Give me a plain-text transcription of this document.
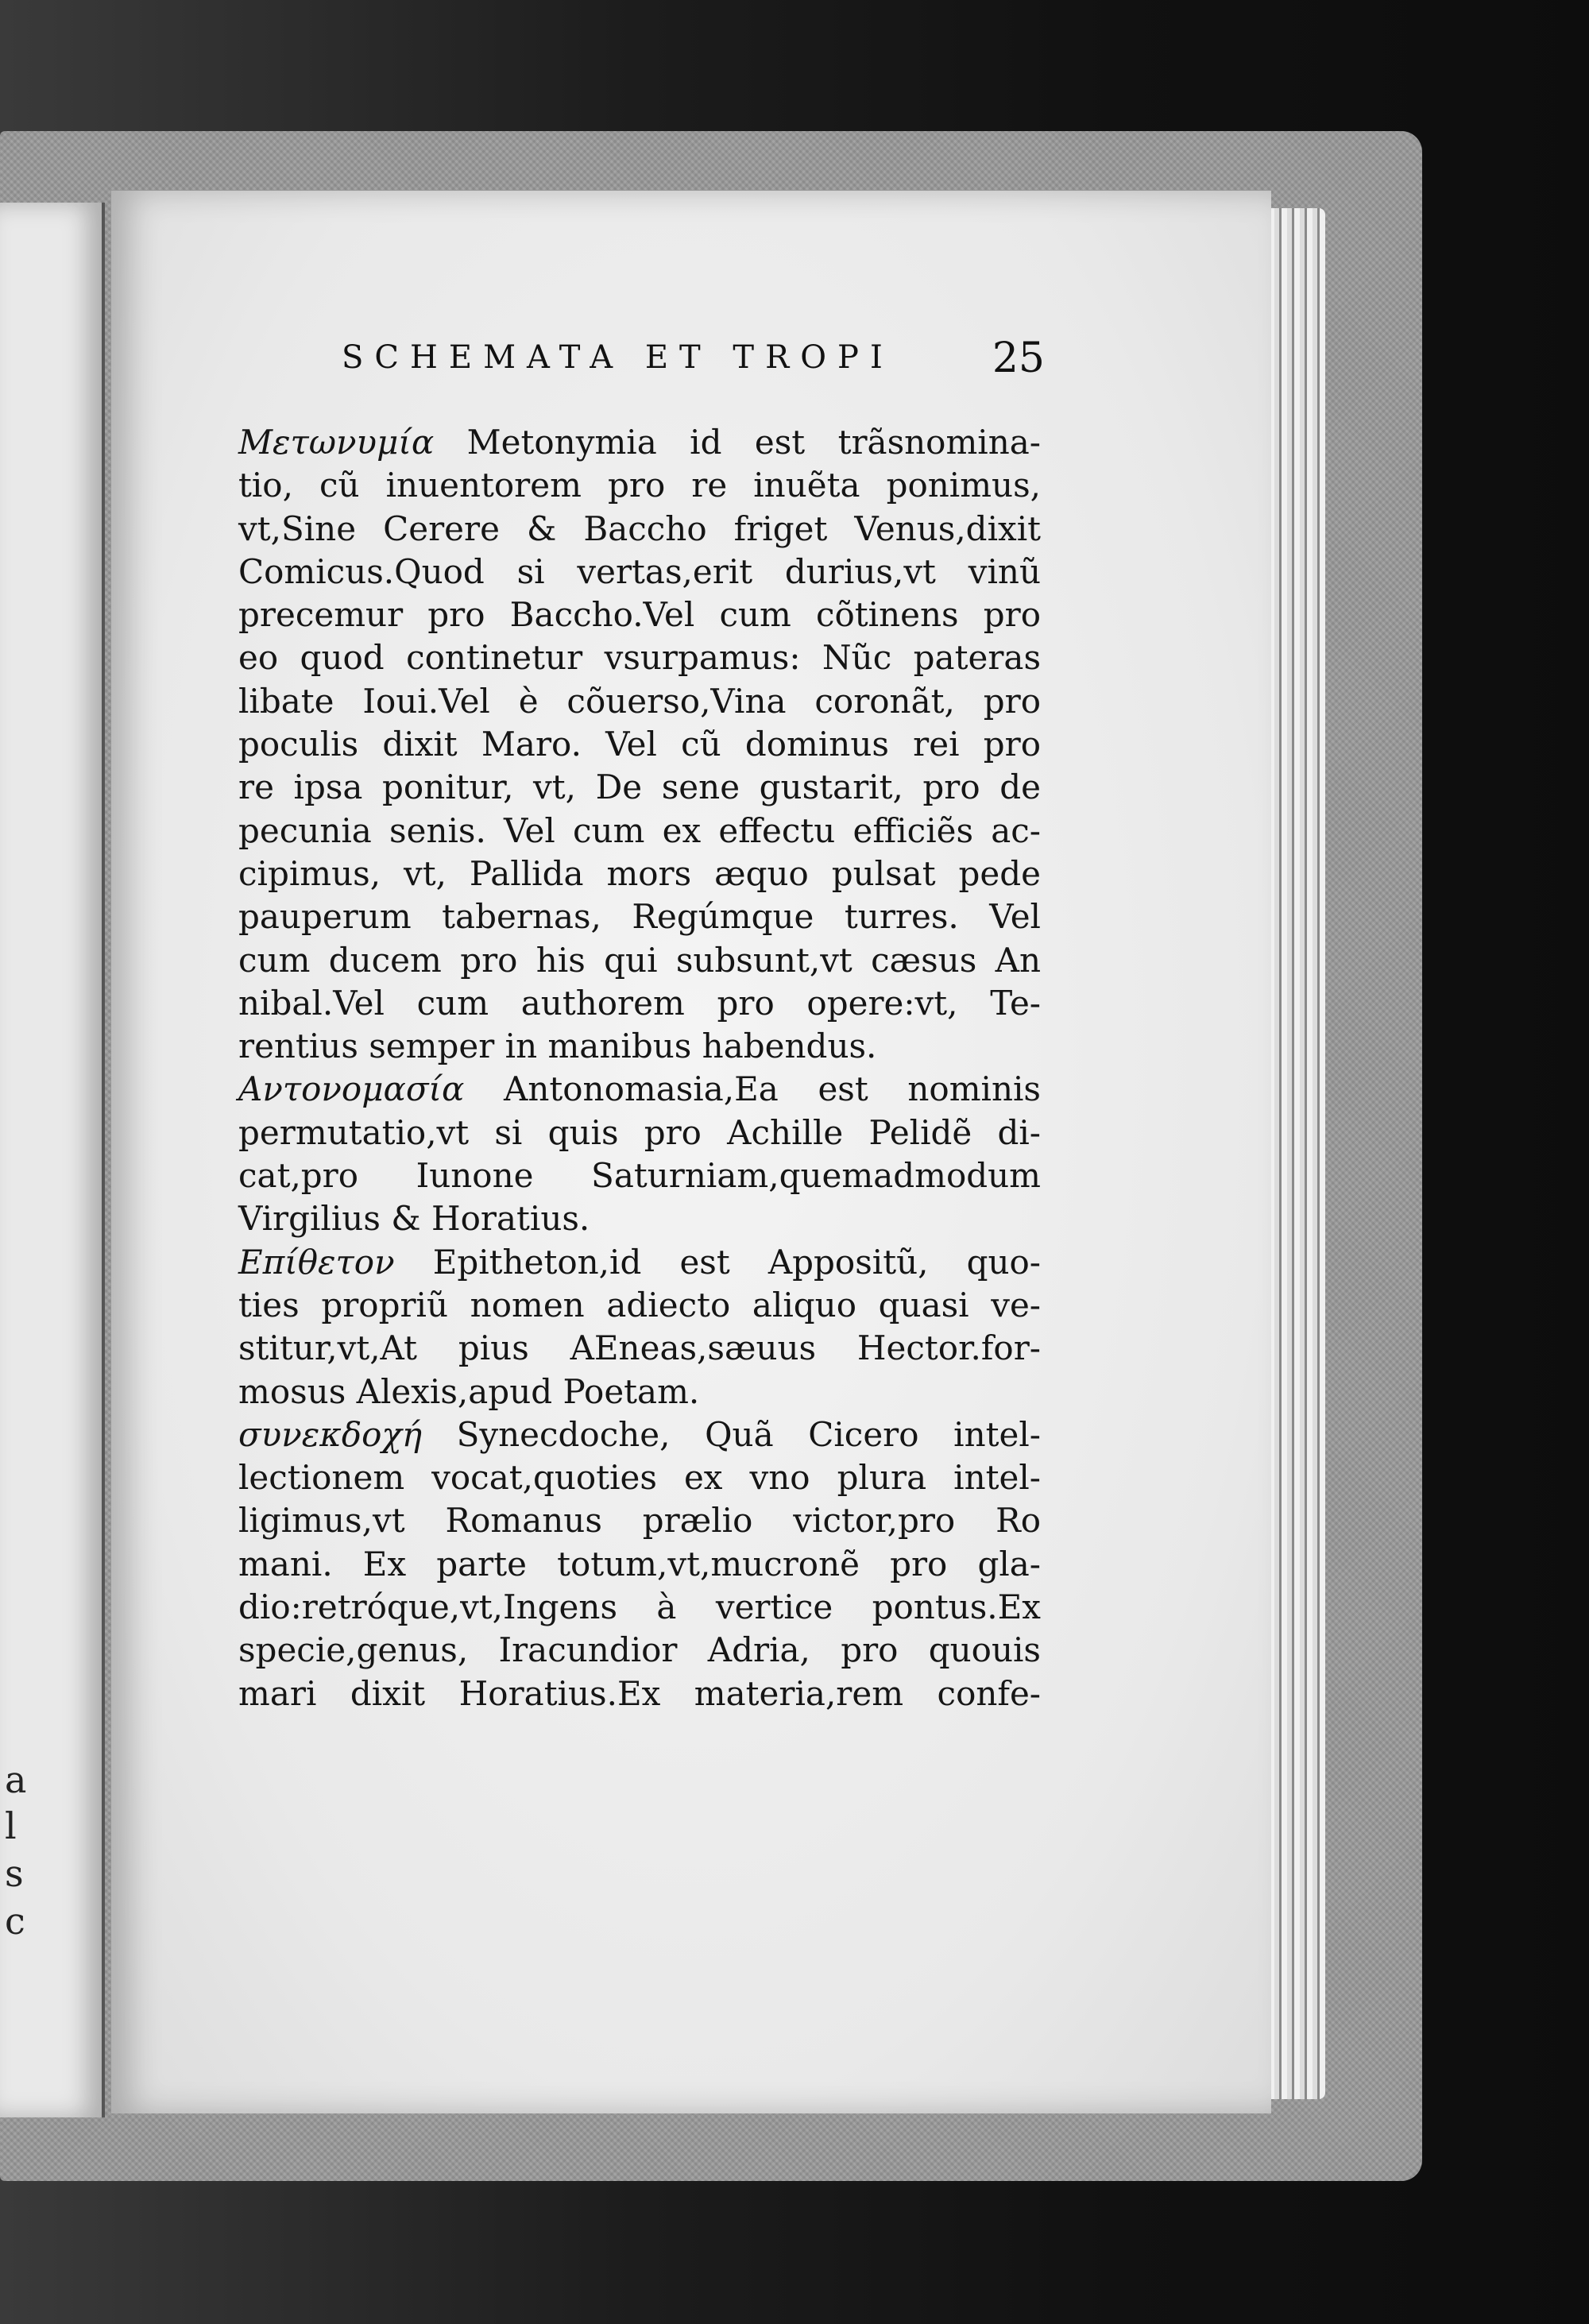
a
l
s
c
SCHEMATA ET TROPI 25
Μετωνυμία Metonymia id est trãsnomina-
tio, cũ inuentorem pro re inuẽta ponimus,
vt,Sine Cerere & Baccho friget Venus,dixit
Comicus.Quod si vertas,erit durius,vt vinũ
precemur pro Baccho.Vel cum cõtinens pro
eo quod continetur vsurpamus: Nũc pateras
libate Ioui.Vel è cõuerso,Vina coronãt, pro
poculis dixit Maro. Vel cũ dominus rei pro
re ipsa ponitur, vt, De sene gustarit, pro de
pecunia senis. Vel cum ex effectu efficiẽs ac-
cipimus, vt, Pallida mors æquo pulsat pede
pauperum tabernas, Regúmque turres. Vel
cum ducem pro his qui subsunt,vt cæsus An
nibal.Vel cum authorem pro opere:vt, Te-
rentius semper in manibus habendus.
Αντονομασία Antonomasia,Ea est nominis
permutatio,vt si quis pro Achille Pelidẽ di-
cat,pro Iunone Saturniam,quemadmodum
Virgilius & Horatius.
Επίθετον Epitheton,id est Appositũ, quo-
ties propriũ nomen adiecto aliquo quasi ve-
stitur,vt,At pius AEneas,sæuus Hector.for-
mosus Alexis,apud Poetam.
συνεκδοχή Synecdoche, Quã Cicero intel-
lectionem vocat,quoties ex vno plura intel-
ligimus,vt Romanus prælio victor,pro Ro
mani. Ex parte totum,vt,mucronẽ pro gla-
dio:retróque,vt,Ingens à vertice pontus.Ex
specie,genus, Iracundior Adria, pro quouis
mari dixit Horatius.Ex materia,rem confe-
